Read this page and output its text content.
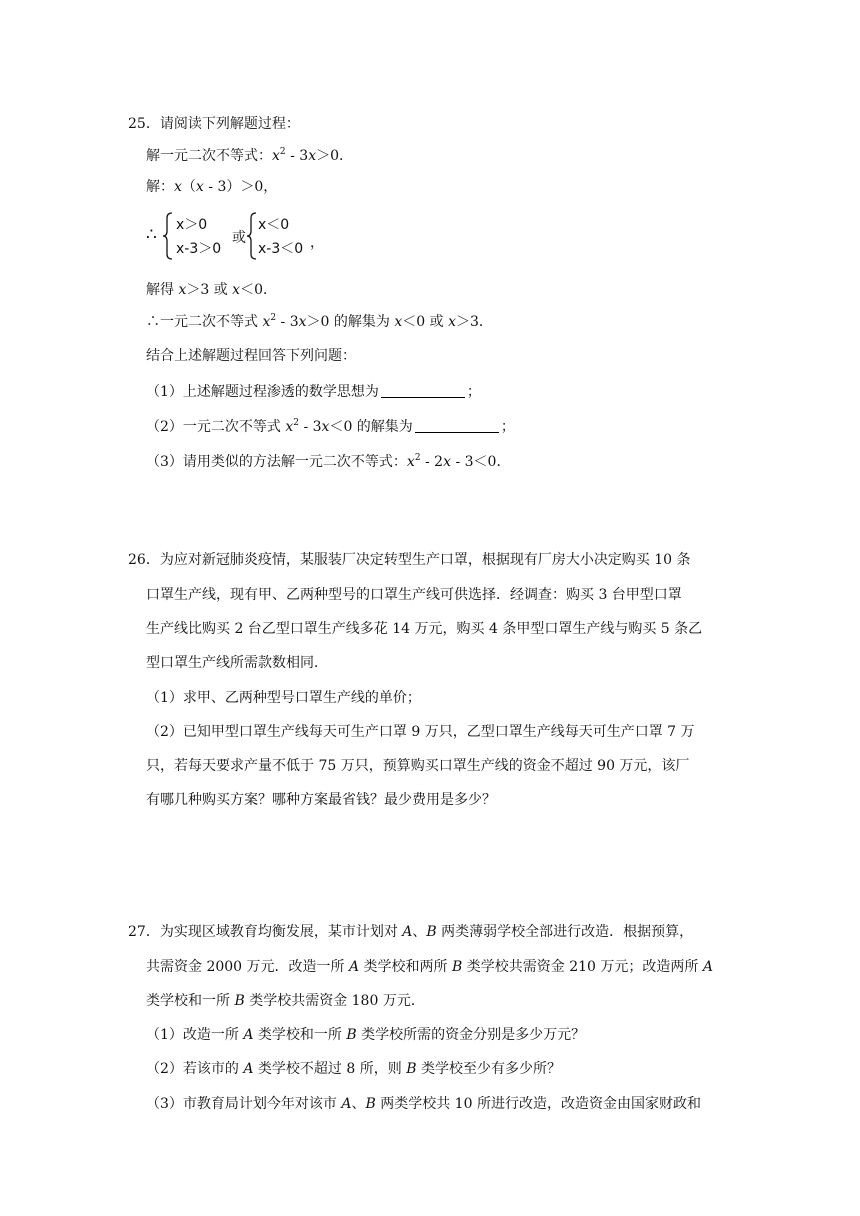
25．请阅读下列解题过程：
解一元二次不等式：$x^2 - 3x>0$．
解：x（x - 3）＞0，
∴ x＞0
x-3＞0
或
x＜0
x-3＜0 ，
解得 x＞3 或 x＜0．
∴一元二次不等式 $x^2 - 3x>0$ 的解集为 x＜0 或 x＞3．
结合上述解题过程回答下列问题：
（1）上述解题过程渗透的数学思想为	；
（2）一元二次不等式 $x^2 - 3x<0$ 的解集为	；
（3）请用类似的方法解一元二次不等式：$x^2 - 2x - 3<0$．
26．为应对新冠肺炎疫情，某服装厂决定转型生产口罩，根据现有厂房大小决定购买 10 条
口罩生产线，现有甲、乙两种型号的口罩生产线可供选择．经调查：购买 3 台甲型口罩
生产线比购买 2 台乙型口罩生产线多花 14 万元，购买 4 条甲型口罩生产线与购买 5 条乙
型口罩生产线所需款数相同．
（1）求甲、乙两种型号口罩生产线的单价；
（2）已知甲型口罩生产线每天可生产口罩 9 万只，乙型口罩生产线每天可生产口罩 7 万
只，若每天要求产量不低于 75 万只，预算购买口罩生产线的资金不超过 90 万元，该厂
有哪几种购买方案？哪种方案最省钱？最少费用是多少？
27．为实现区域教育均衡发展，某市计划对 A、B 两类薄弱学校全部进行改造．根据预算，
共需资金 2000 万元．改造一所 A 类学校和两所 B 类学校共需资金 210 万元；改造两所 A
类学校和一所 B 类学校共需资金 180 万元．
（1）改造一所 A 类学校和一所 B 类学校所需的资金分别是多少万元？
（2）若该市的 A 类学校不超过 8 所，则 B 类学校至少有多少所？
（3）市教育局计划今年对该市 A、B 两类学校共 10 所进行改造，改造资金由国家财政和
